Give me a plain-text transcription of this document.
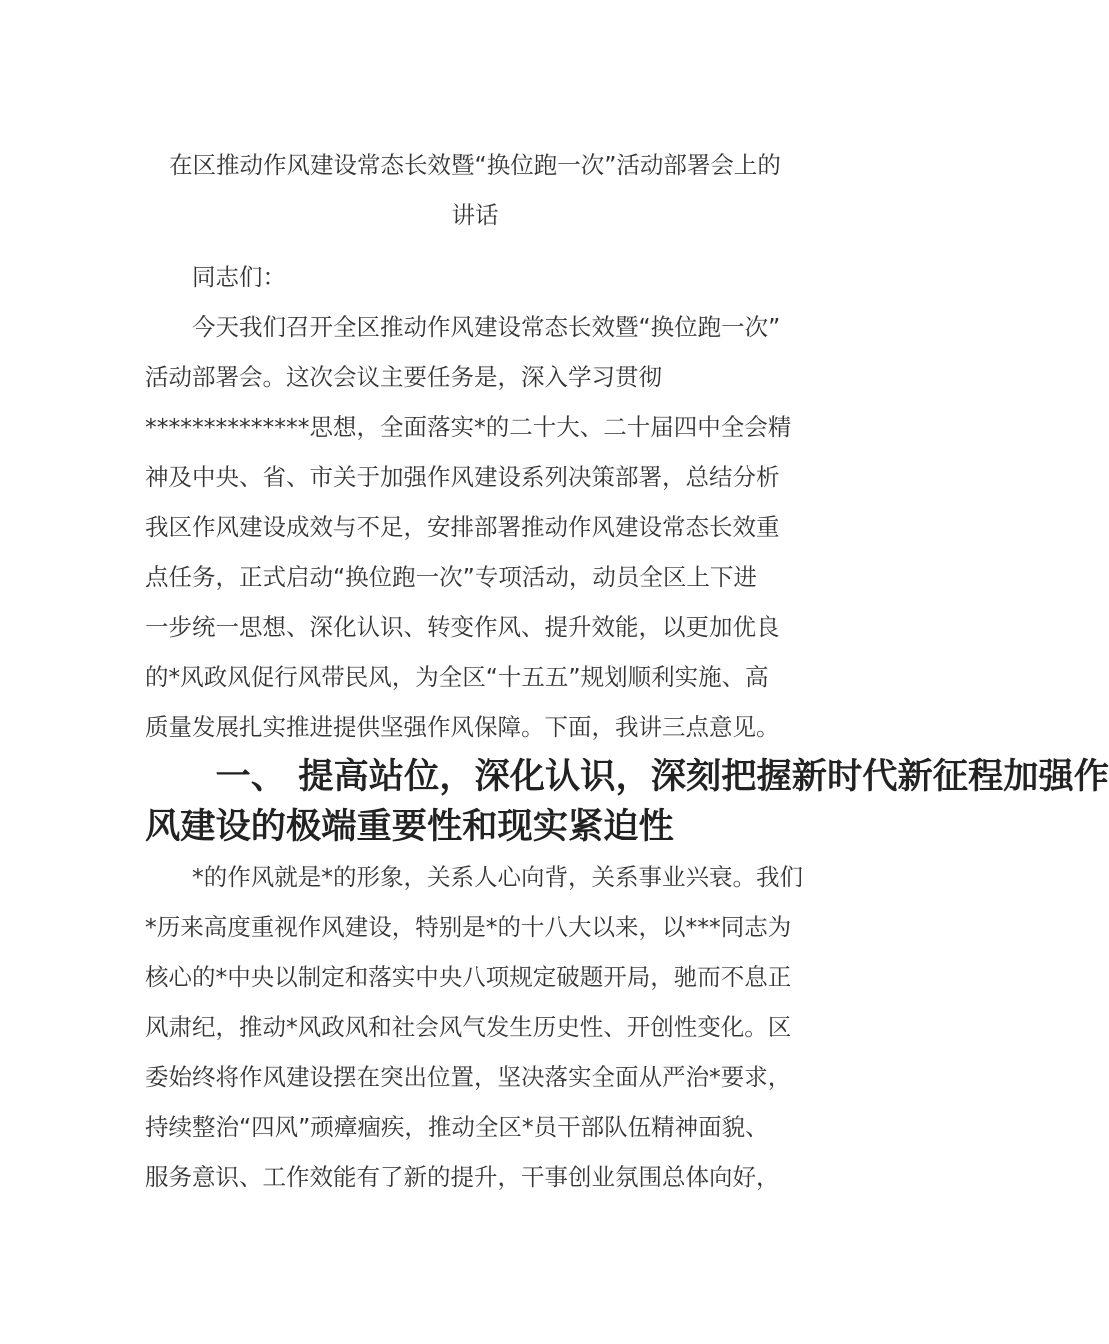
在区推动作风建设常态长效暨“换位跑一次”活动部署会上的
讲话

同志们：

今天我们召开全区推动作风建设常态长效暨“换位跑一次”
活动部署会。这次会议主要任务是，深入学习贯彻
**************思想，全面落实*的二十大、二十届四中全会精
神及中央、省、市关于加强作风建设系列决策部署，总结分析
我区作风建设成效与不足，安排部署推动作风建设常态长效重
点任务，正式启动“换位跑一次”专项活动，动员全区上下进
一步统一思想、深化认识、转变作风、提升效能，以更加优良
的*风政风促行风带民风，为全区“十五五”规划顺利实施、高
质量发展扎实推进提供坚强作风保障。下面，我讲三点意见。
一、 提高站位，深化认识，深刻把握新时代新征程加强作
风建设的极端重要性和现实紧迫性
*的作风就是*的形象，关系人心向背，关系事业兴衰。我们
*历来高度重视作风建设，特别是*的十八大以来，以***同志为
核心的*中央以制定和落实中央八项规定破题开局，驰而不息正
风肃纪，推动*风政风和社会风气发生历史性、开创性变化。区
委始终将作风建设摆在突出位置，坚决落实全面从严治*要求，
持续整治“四风”顽瘴痼疾，推动全区*员干部队伍精神面貌、
服务意识、工作效能有了新的提升，干事创业氛围总体向好，
